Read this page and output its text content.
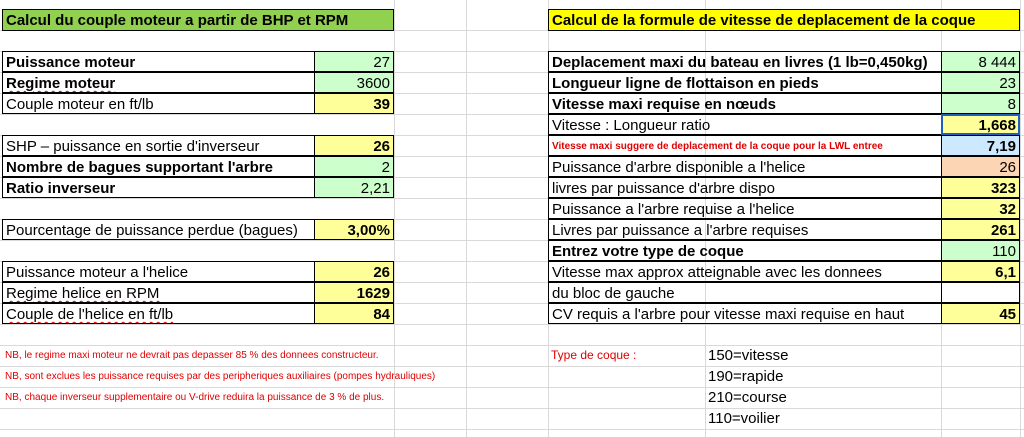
Calcul du couple moteur a partir de BHP et RPM
Puissance moteur	27
Regime moteur	3600
Couple moteur en ft/lb	39
SHP – puissance en sortie d'inverseur	26
Nombre de bagues supportant l'arbre	2
Ratio inverseur	2,21
Pourcentage de puissance perdue (bagues)	3,00%
Puissance moteur a l'helice	26
Regime helice en RPM	1629
Couple de l'helice en ft/lb	84
NB, le regime maxi moteur ne devrait pas depasser 85 % des donnees constructeur.
NB, sont exclues les puissance requises par des peripheriques auxiliaires (pompes hydrauliques)
NB, chaque inverseur supplementaire ou V-drive reduira la puissance de 3 % de plus.
Calcul de la formule de vitesse de deplacement de la coque
Deplacement maxi du bateau en livres (1 lb=0,450kg)	8 444
Longueur ligne de flottaison en pieds	23
Vitesse maxi requise en nœuds	8
Vitesse : Longueur ratio	1,668
Vitesse maxi suggere de deplacement de la coque pour la LWL entree	7,19
Puissance d'arbre disponible a l'helice	26
livres par puissance d'arbre dispo	323
Puissance a l'arbre requise a l'helice	32
Livres par puissance a l'arbre requises	261
Entrez votre type de coque	110
Vitesse max approx atteignable avec les donnees	6,1
du bloc de gauche
CV requis a l'arbre pour vitesse maxi requise en haut	45
Type de coque :	150=vitesse
190=rapide
210=course
110=voilier
